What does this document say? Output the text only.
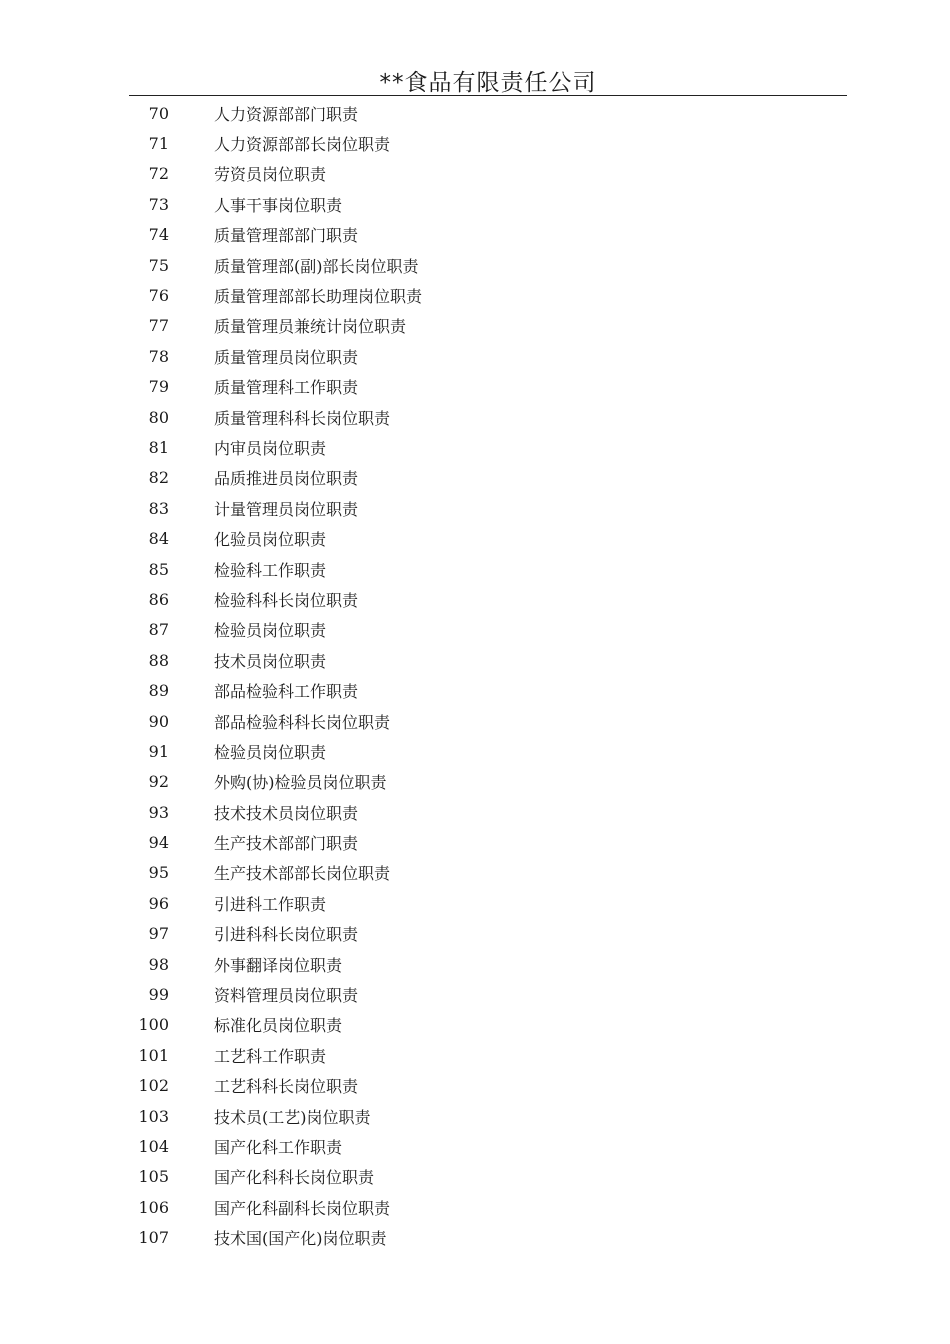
**食品有限责任公司
70	人力资源部部门职责
71	人力资源部部长岗位职责
72	劳资员岗位职责
73	人事干事岗位职责
74	质量管理部部门职责
75	质量管理部(副)部长岗位职责
76	质量管理部部长助理岗位职责
77	质量管理员兼统计岗位职责
78	质量管理员岗位职责
79	质量管理科工作职责
80	质量管理科科长岗位职责
81	内审员岗位职责
82	品质推进员岗位职责
83	计量管理员岗位职责
84	化验员岗位职责
85	检验科工作职责
86	检验科科长岗位职责
87	检验员岗位职责
88	技术员岗位职责
89	部品检验科工作职责
90	部品检验科科长岗位职责
91	检验员岗位职责
92	外购(协)检验员岗位职责
93	技术技术员岗位职责
94	生产技术部部门职责
95	生产技术部部长岗位职责
96	引进科工作职责
97	引进科科长岗位职责
98	外事翻译岗位职责
99	资料管理员岗位职责
100	标准化员岗位职责
101	工艺科工作职责
102	工艺科科长岗位职责
103	技术员(工艺)岗位职责
104	国产化科工作职责
105	国产化科科长岗位职责
106	国产化科副科长岗位职责
107	技术国(国产化)岗位职责
